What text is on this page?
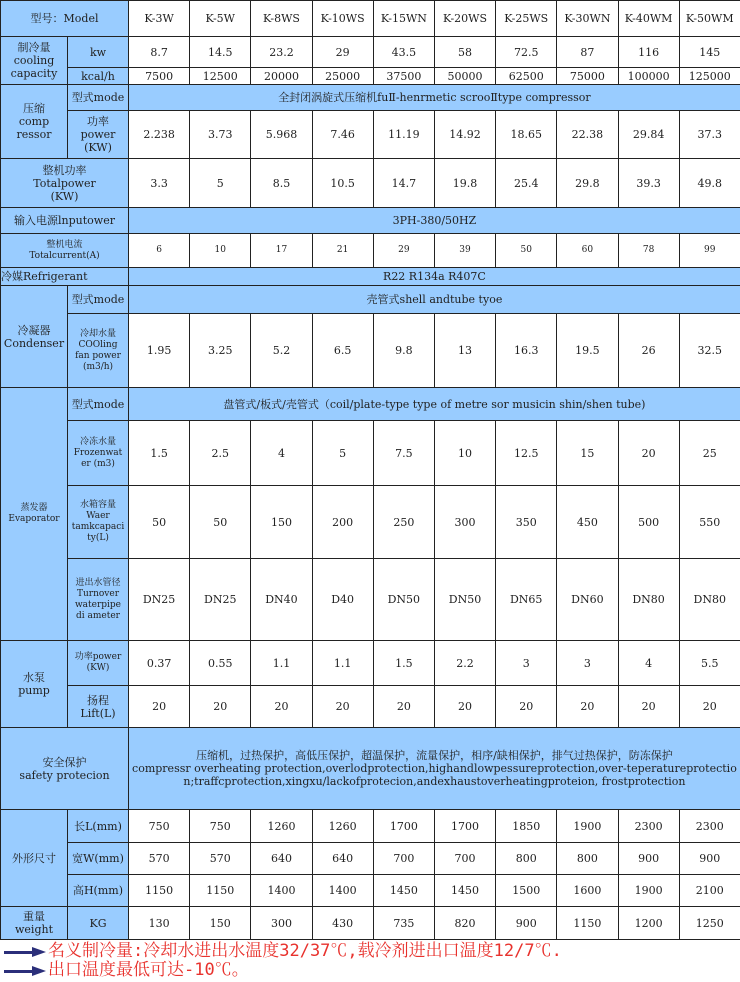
型号：Model		K-3W	K-5W	K-8WS	K-10WS	K-15WN	K-20WS	K-25WS	K-30WN	K-40WM	K-50WM
制冷量
cooling
capacity	kw	8.7	14.5	23.2	29	43.5	58	72.5	87	116	145
	kcal/h	7500	12500	20000	25000	37500	50000	62500	75000	100000	125000
压缩
comp
ressor	型式mode	全封闭涡旋式压缩机fuⅡ-henrmetic scrooⅡtype compressor									
	功率
power
(KW)	2.238	3.73	5.968	7.46	11.19	14.92	18.65	22.38	29.84	37.3
整机功率
Totalpower
(KW)		3.3	5	8.5	10.5	14.7	19.8	25.4	29.8	39.3	49.8
输入电源lnputower		3PH-380/50HZ									
整机电流
Totalcurrent(A)		6	10	17	21	29	39	50	60	78	99
冷媒Refrigerant		R22 R134a R407C									
冷凝器
Condenser	型式mode	壳管式shell andtube tyoe									
	冷却水量
COOling
fan power
(m3/h)	1.95	3.25	5.2	6.5	9.8	13	16.3	19.5	26	32.5
蒸发器
Evaporator	型式mode	盘管式/板式/壳管式（coil/plate-type type of metre sor musicin shin/shen tube)									
	冷冻水量
Frozenwat
er (m3)	1.5	2.5	4	5	7.5	10	12.5	15	20	25
	水箱容量
Waer
tamkcapaci
ty(L)	50	50	150	200	250	300	350	450	500	550
	进出水管径
Turnover
waterpipe
di ameter	DN25	DN25	DN40	D40	DN50	DN50	DN65	DN60	DN80	DN80
水泵
pump	功率power
(KW)	0.37	0.55	1.1	1.1	1.5	2.2	3	3	4	5.5
	扬程
Lift(L)	20	20	20	20	20	20	20	20	20	20
安全保护
safety protecion		压缩机，过热保护，高低压保护，超温保护，流量保护，相序/缺相保护，排气过热保护，防冻保护
compressr overheating protection,overlodprotection,highandlowpessureprotection,over-teperatureprotection;traffcprotection,xingxu/lackofprotecion,andexhaustoverheatingproteion, frostprotection									
外形尺寸	长L(mm)	750	750	1260	1260	1700	1700	1850	1900	2300	2300
	宽W(mm)	570	570	640	640	700	700	800	800	900	900
	高H(mm)	1150	1150	1400	1400	1450	1450	1500	1600	1900	2100
重量
weight	KG	130	150	300	430	735	820	900	1150	1200	1250
名义制冷量:冷却水进出水温度32/37℃,载冷剂进出口温度12/7℃.
出口温度最低可达-10℃。
